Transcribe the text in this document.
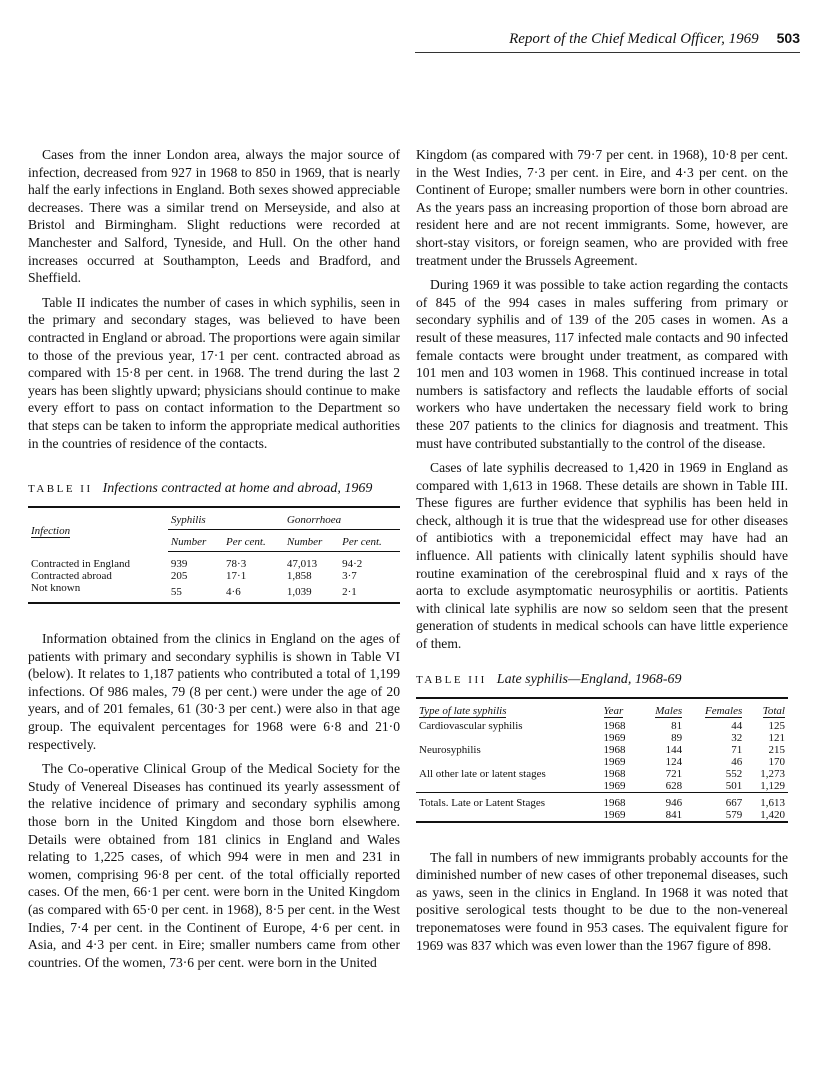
Report of the Chief Medical Officer, 1969 503

Cases from the inner London area, always the major source of infection, decreased from 927 in 1968 to 850 in 1969, that is nearly half the early infections in England. Both sexes showed appreciable decreases. There was a similar trend on Merseyside, and also at Bristol and Birmingham. Slight reductions were recorded at Manchester and Salford, Tyneside, and Hull. On the other hand increases occurred at Southampton, Leeds and Bradford, and Sheffield.

Table II indicates the number of cases in which syphilis, seen in the primary and secondary stages, was believed to have been contracted in England or abroad. The proportions were again similar to those of the previous year, 17·1 per cent. contracted abroad as compared with 15·8 per cent. in 1968. The trend during the last 2 years has been slightly upward; physicians should continue to make every effort to pass on contact information to the Department so that steps can be taken to inform the appropriate medical authorities in the countries of residence of the contacts.

TABLE II Infections contracted at home and abroad, 1969
Infection	Syphilis		Gonorrhoea	
	Number	Per cent.	Number	Per cent.
Contracted in England	939	78·3	47,013	94·2
Contracted abroad	205	17·1	1,858	3·7
Not known	55	4·6	1,039	2·1

Information obtained from the clinics in England on the ages of patients with primary and secondary syphilis is shown in Table VI (below). It relates to 1,187 patients who contributed a total of 1,199 infections. Of 986 males, 79 (8 per cent.) were under the age of 20 years, and of 201 females, 61 (30·3 per cent.) were also in that age group. The equivalent percentages for 1968 were 6·8 and 21·0 respectively.

The Co-operative Clinical Group of the Medical Society for the Study of Venereal Diseases has continued its yearly assessment of the relative incidence of primary and secondary syphilis among those born in the United Kingdom and those born elsewhere. Details were obtained from 181 clinics in England and Wales relating to 1,225 cases, of which 994 were in men and 231 in women, comprising 96·8 per cent. of the total officially reported cases. Of the men, 66·1 per cent. were born in the United Kingdom (as compared with 65·0 per cent. in 1968), 8·5 per cent. in the West Indies, 7·4 per cent. in the Continent of Europe, 4·6 per cent. in Asia, and 4·3 per cent. in Eire; smaller numbers came from other countries. Of the women, 73·6 per cent. were born in the United

Kingdom (as compared with 79·7 per cent. in 1968), 10·8 per cent. in the West Indies, 7·3 per cent. in Eire, and 4·3 per cent. on the Continent of Europe; smaller numbers were born in other countries. As the years pass an increasing proportion of those born abroad are resident here and are not recent immigrants. Some, however, are short-stay visitors, or foreign seamen, who are provided with free treatment under the Brussels Agreement.

During 1969 it was possible to take action regarding the contacts of 845 of the 994 cases in males suffering from primary or secondary syphilis and of 139 of the 205 cases in women. As a result of these measures, 117 infected male contacts and 90 infected female contacts were brought under treatment, as compared with 101 men and 103 women in 1968. This continued increase in total numbers is satisfactory and reflects the laudable efforts of social workers who have undertaken the necessary field work to bring these 207 patients to the clinics for diagnosis and treatment. This must have contributed substantially to the control of the disease.

Cases of late syphilis decreased to 1,420 in 1969 in England as compared with 1,613 in 1968. These details are shown in Table III. These figures are further evidence that syphilis has been held in check, although it is true that the widespread use for other diseases of antibiotics with a treponemicidal effect may have had an influence. All patients with clinically latent syphilis should have routine examination of the cerebrospinal fluid and x rays of the aorta to exclude asymptomatic neurosyphilis or aortitis. Patients with clinical late syphilis are now so seldom seen that the present generation of students in medical schools can have little experience of them.

TABLE III Late syphilis—England, 1968-69
Type of late syphilis	Year	Males	Females	Total
Cardiovascular syphilis	1968	81	44	125
	1969	89	32	121
Neurosyphilis	1968	144	71	215
	1969	124	46	170
All other late or latent stages	1968	721	552	1,273
	1969	628	501	1,129
Totals. Late or Latent Stages	1968	946	667	1,613
	1969	841	579	1,420

The fall in numbers of new immigrants probably accounts for the diminished number of new cases of other treponemal diseases, such as yaws, seen in the clinics in England. In 1968 it was noted that positive serological tests thought to be due to the non-venereal treponematoses were found in 953 cases. The equivalent figure for 1969 was 837 which was even lower than the 1967 figure of 898.
